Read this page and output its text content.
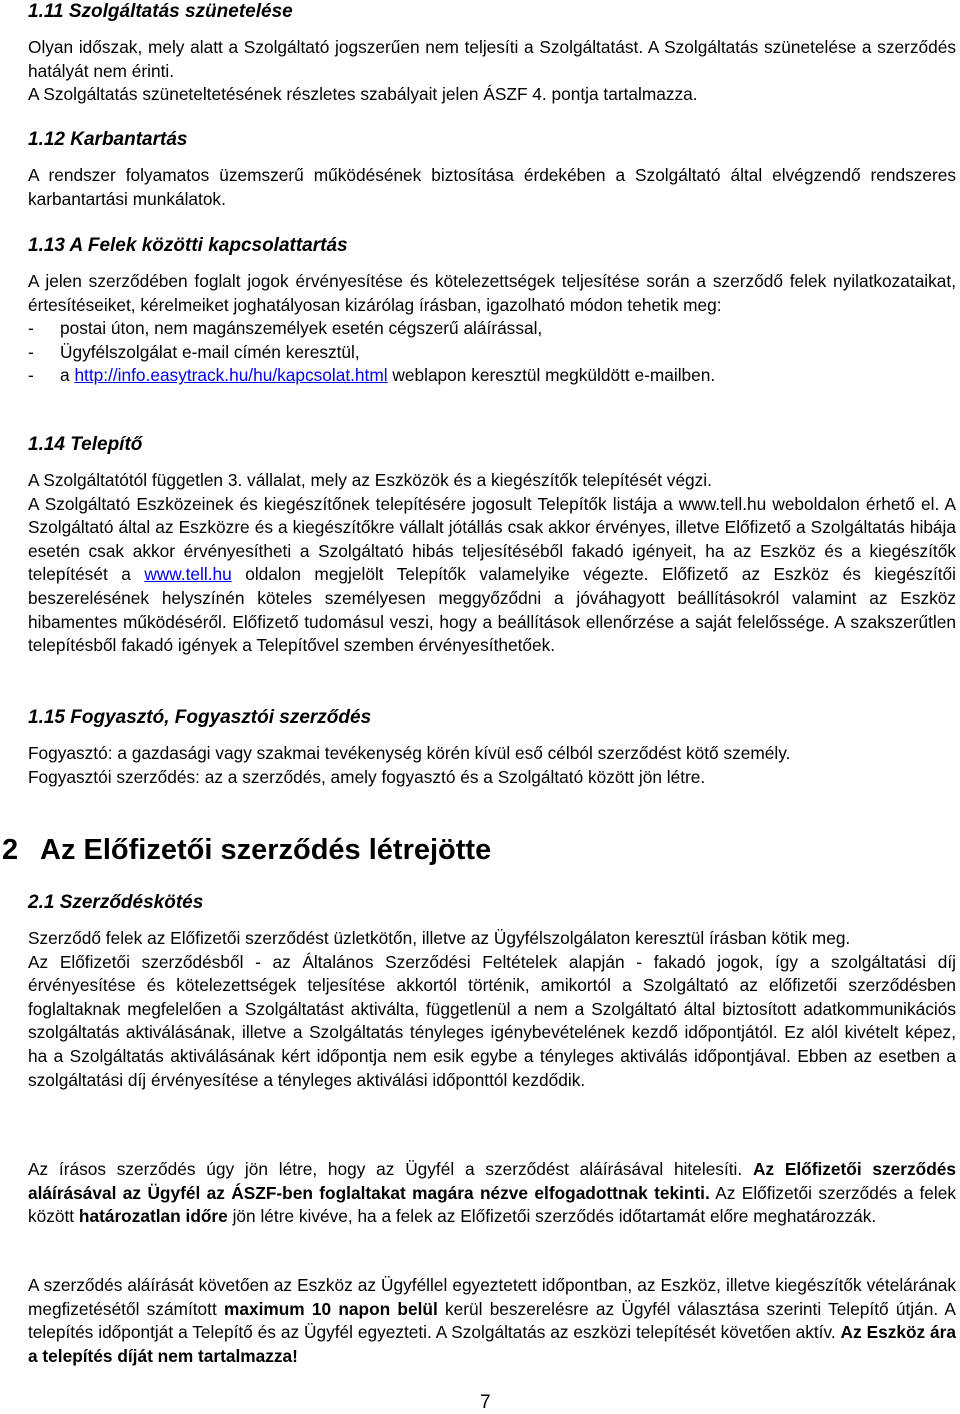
1.11 Szolgáltatás szünetelése

Olyan időszak, mely alatt a Szolgáltató jogszerűen nem teljesíti a Szolgáltatást. A Szolgáltatás szünetelése a szerződés hatályát nem érinti.

A Szolgáltatás szüneteltetésének részletes szabályait jelen ÁSZF 4. pontja tartalmazza.

1.12 Karbantartás

A rendszer folyamatos üzemszerű működésének biztosítása érdekében a Szolgáltató által elvégzendő rendszeres karbantartási munkálatok.

1.13 A Felek közötti kapcsolattartás

A jelen szerződében foglalt jogok érvényesítése és kötelezettségek teljesítése során a szerződő felek nyilatkozataikat, értesítéseiket, kérelmeiket joghatályosan kizárólag írásban, igazolható módon tehetik meg:

-	postai úton, nem magánszemélyek esetén cégszerű aláírással,
-	Ügyfélszolgálat e-mail címén keresztül,
-	a http://info.easytrack.hu/hu/kapcsolat.html weblapon keresztül megküldött e-mailben.
1.14 Telepítő

A Szolgáltatótól független 3. vállalat, mely az Eszközök és a kiegészítők telepítését végzi.

A Szolgáltató Eszközeinek és kiegészítőnek telepítésére jogosult Telepítők listája a www.tell.hu weboldalon érhető el. A Szolgáltató által az Eszközre és a kiegészítőkre vállalt jótállás csak akkor érvényes, illetve Előfizető a Szolgáltatás hibája esetén csak akkor érvényesítheti a Szolgáltató hibás teljesítéséből fakadó igényeit, ha az Eszköz és a kiegészítők telepítését a www.tell.hu oldalon megjelölt Telepítők valamelyike végezte. Előfizető az Eszköz és kiegészítői beszerelésének helyszínén köteles személyesen meggyőződni a jóváhagyott beállításokról valamint az Eszköz hibamentes működéséről. Előfizető tudomásul veszi, hogy a beállítások ellenőrzése a saját felelőssége. A szakszerűtlen telepítésből fakadó igények a Telepítővel szemben érvényesíthetőek.

1.15 Fogyasztó, Fogyasztói szerződés

Fogyasztó: a gazdasági vagy szakmai tevékenység körén kívül eső célból szerződést kötő személy.

Fogyasztói szerződés: az a szerződés, amely fogyasztó és a Szolgáltató között jön létre.

2 Az Előfizetői szerződés létrejötte
2.1 Szerződéskötés

Szerződő felek az Előfizetői szerződést üzletkötőn, illetve az Ügyfélszolgálaton keresztül írásban kötik meg.

Az Előfizetői szerződésből - az Általános Szerződési Feltételek alapján - fakadó jogok, így a szolgáltatási díj érvényesítése és kötelezettségek teljesítése akkortól történik, amikortól a Szolgáltató az előfizetői szerződésben foglaltaknak megfelelően a Szolgáltatást aktiválta, függetlenül a nem a Szolgáltató által biztosított adatkommunikációs szolgáltatás aktiválásának, illetve a Szolgáltatás tényleges igénybevételének kezdő időpontjától. Ez alól kivételt képez, ha a Szolgáltatás aktiválásának kért időpontja nem esik egybe a tényleges aktiválás időpontjával. Ebben az esetben a szolgáltatási díj érvényesítése a tényleges aktiválási időponttól kezdődik.

Az írásos szerződés úgy jön létre, hogy az Ügyfél a szerződést aláírásával hitelesíti. Az Előfizetői szerződés aláírásával az Ügyfél az ÁSZF-ben foglaltakat magára nézve elfogadottnak tekinti. Az Előfizetői szerződés a felek között határozatlan időre jön létre kivéve, ha a felek az Előfizetői szerződés időtartamát előre meghatározzák.

A szerződés aláírását követően az Eszköz az Ügyféllel egyeztetett időpontban, az Eszköz, illetve kiegészítők vételárának megfizetésétől számított maximum 10 napon belül kerül beszerelésre az Ügyfél választása szerinti Telepítő útján. A telepítés időpontját a Telepítő és az Ügyfél egyezteti. A Szolgáltatás az eszközi telepítését követően aktív. Az Eszköz ára a telepítés díját nem tartalmazza!

7
